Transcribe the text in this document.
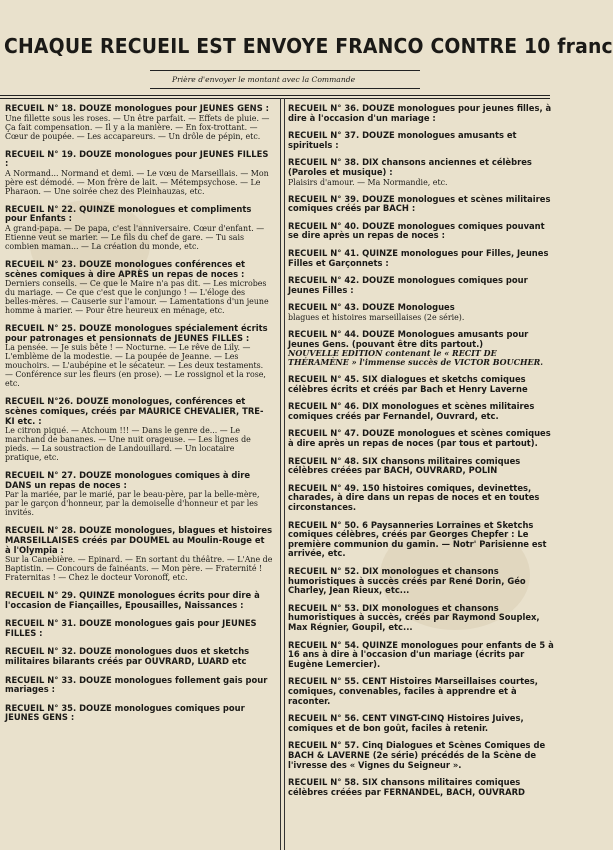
CHAQUE RECUEIL EST ENVOYE FRANCO CONTRE 10 franc
Prière d'envoyer le montant avec la Commande
RECUEIL N° 18. DOUZE monologues pour JEUNES GENS :
Une fillette sous les roses. — Un être parfait. — Effets de pluie. — Ça fait compensation. — Il y a la manière. — En fox-trottant. — Cœur de poupée. — Les accapareurs. — Un drôle de pépin, etc.
RECUEIL N° 19. DOUZE monologues pour JEUNES FILLES :
A Normand... Normand et demi. — Le vœu de Marseillais. — Mon père est démodé. — Mon frère de lait. — Métempsychose. — Le Pharaon. — Une soirée chez des Pleinhauzas, etc.
RECUEIL N° 22. QUINZE monologues et compliments pour Enfants :
A grand-papa. — De papa, c'est l'anniversaire. Cœur d'enfant. — Etienne veut se marier. — Le fils du chef de gare. — Tu sais combien maman... — La création du monde, etc.
RECUEIL N° 23. DOUZE monologues conférences et scènes comiques à dire APRÈS un repas de noces :
Derniers conseils. — Ce que le Maire n'a pas dit. — Les microbes du mariage. — Ce que c'est que le conjungo ! — L'éloge des belles-mères. — Causerie sur l'amour. — Lamentations d'un jeune homme à marier. — Pour être heureux en ménage, etc.
RECUEIL N° 25. DOUZE monologues spécialement écrits pour patronages et pensionnats de JEUNES FILLES :
La pensée. — Je suis bête ! — Nocturne. — Le rêve de Lily. — L'emblème de la modestie. — La poupée de Jeanne. — Les mouchoirs. — L'aubépine et le sécateur. — Les deux testaments. — Conférence sur les fleurs (en prose). — Le rossignol et la rose, etc.
RECUEIL N°26. DOUZE monologues, conférences et scènes comiques, créés par MAURICE CHEVALIER, TRE-KI etc. :
Le citron piqué. — Atchoum !!! — Dans le genre de... — Le marchand de bananes. — Une nuit orageuse. — Les lignes de pieds. — La soustraction de Landouillard. — Un locataire pratique, etc.
RECUEIL N° 27. DOUZE monologues comiques à dire DANS un repas de noces :
Par la mariée, par le marié, par le beau-père, par la belle-mère, par le garçon d'honneur, par la demoiselle d'honneur et par les invités.
RECUEIL N° 28. DOUZE monologues, blagues et histoires MARSEILLAISES créés par DOUMEL au Moulin-Rouge et à l'Olympia :
Sur la Canebière. — Epinard. — En sortant du théâtre. — L'Ane de Baptistin. — Concours de fainéants. — Mon père. — Fraternité ! Fraternitas ! — Chez le docteur Voronoff, etc.
RECUEIL N° 29. QUINZE monologues écrits pour dire à l'occasion de Fiançailles, Epousailles, Naissances :
RECUEIL N° 31. DOUZE monologues gais pour JEUNES FILLES :
RECUEIL N° 32. DOUZE monologues duos et sketchs militaires bilarants créés par OUVRARD, LUARD etc
RECUEIL N° 33. DOUZE monologues follement gais pour mariages :
RECUEIL N° 35. DOUZE monologues comiques pour JEUNES GENS :
RECUEIL N° 36. DOUZE monologues pour jeunes filles, à dire à l'occasion d'un mariage :
RECUEIL N° 37. DOUZE monologues amusants et spirituels :
RECUEIL N° 38. DIX chansons anciennes et célèbres (Paroles et musique) :
Plaisirs d'amour. — Ma Normandie, etc.
RECUEIL N° 39. DOUZE monologues et scènes militaires comiques créés par BACH :
RECUEIL N° 40. DOUZE monologues comiques pouvant se dire après un repas de noces :
RECUEIL N° 41. QUINZE monologues pour Filles, Jeunes Filles et Garçonnets :
RECUEIL N° 42. DOUZE monologues comiques pour Jeunes Filles :
RECUEIL N° 43. DOUZE Monologues
blagues et histoires marseillaises (2e série).
RECUEIL N° 44. DOUZE Monologues amusants pour Jeunes Gens. (pouvant être dits partout.)
NOUVELLE EDITION contenant le « RECIT DE THÉRAMÈNE » l'immense succès de VICTOR BOUCHER.
RECUEIL N° 45. SIX dialogues et sketchs comiques célèbres écrits et créés par Bach et Henry Laverne
RECUEIL N° 46. DIX monologues et scènes militaires comiques créés par Fernandel, Ouvrard, etc.
RECUEIL N° 47. DOUZE monologues et scènes comiques à dire après un repas de noces (par tous et partout).
RECUEIL N° 48. SIX chansons militaires comiques célèbres créées par BACH, OUVRARD, POLIN
RECUEIL N° 49. 150 histoires comiques, devinettes, charades, à dire dans un repas de noces et en toutes circonstances.
RECUEIL N° 50. 6 Paysanneries Lorraines et Sketchs comiques célèbres, créés par Georges Chepfer : Le première communion du gamin. — Notr' Parisienne est arrivée, etc.
RECUEIL N° 52. DIX monologues et chansons humoristiques à succès créés par René Dorin, Géo Charley, Jean Rieux, etc...
RECUEIL N° 53. DIX monologues et chansons humoristiques à succès, créés par Raymond Souplex, Max Régnier, Goupil, etc...
RECUEIL N° 54. QUINZE monologues pour enfants de 5 à 16 ans à dire à l'occasion d'un mariage (écrits par Eugène Lemercier).
RECUEIL N° 55. CENT Histoires Marseillaises courtes, comiques, convenables, faciles à apprendre et à raconter.
RECUEIL N° 56. CENT VINGT-CINQ Histoires Juives, comiques et de bon goût, faciles à retenir.
RECUEIL N° 57. Cinq Dialogues et Scènes Comiques de BACH & LAVERNE (2e série) précédés de la Scène de l'ivresse des « Vignes du Seigneur ».
RECUEIL N° 58. SIX chansons militaires comiques célèbres créées par FERNANDEL, BACH, OUVRARD
